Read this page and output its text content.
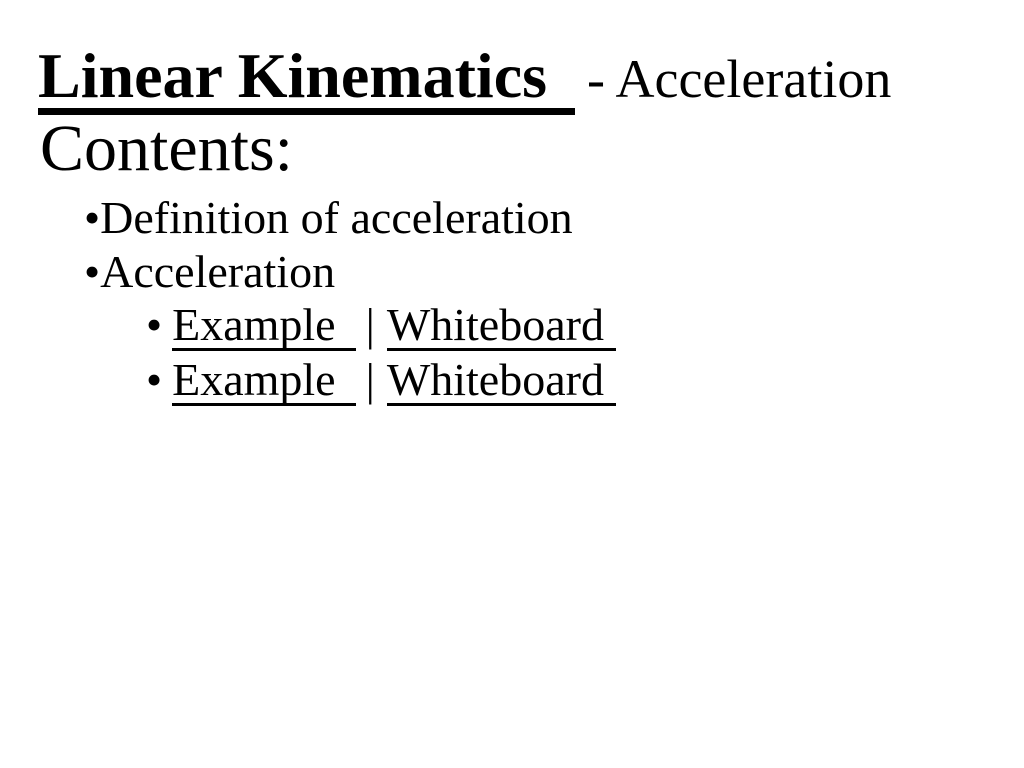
Linear Kinematics - Acceleration
Contents:
•Definition of acceleration
•Acceleration
• Example | Whiteboard
• Example | Whiteboard
